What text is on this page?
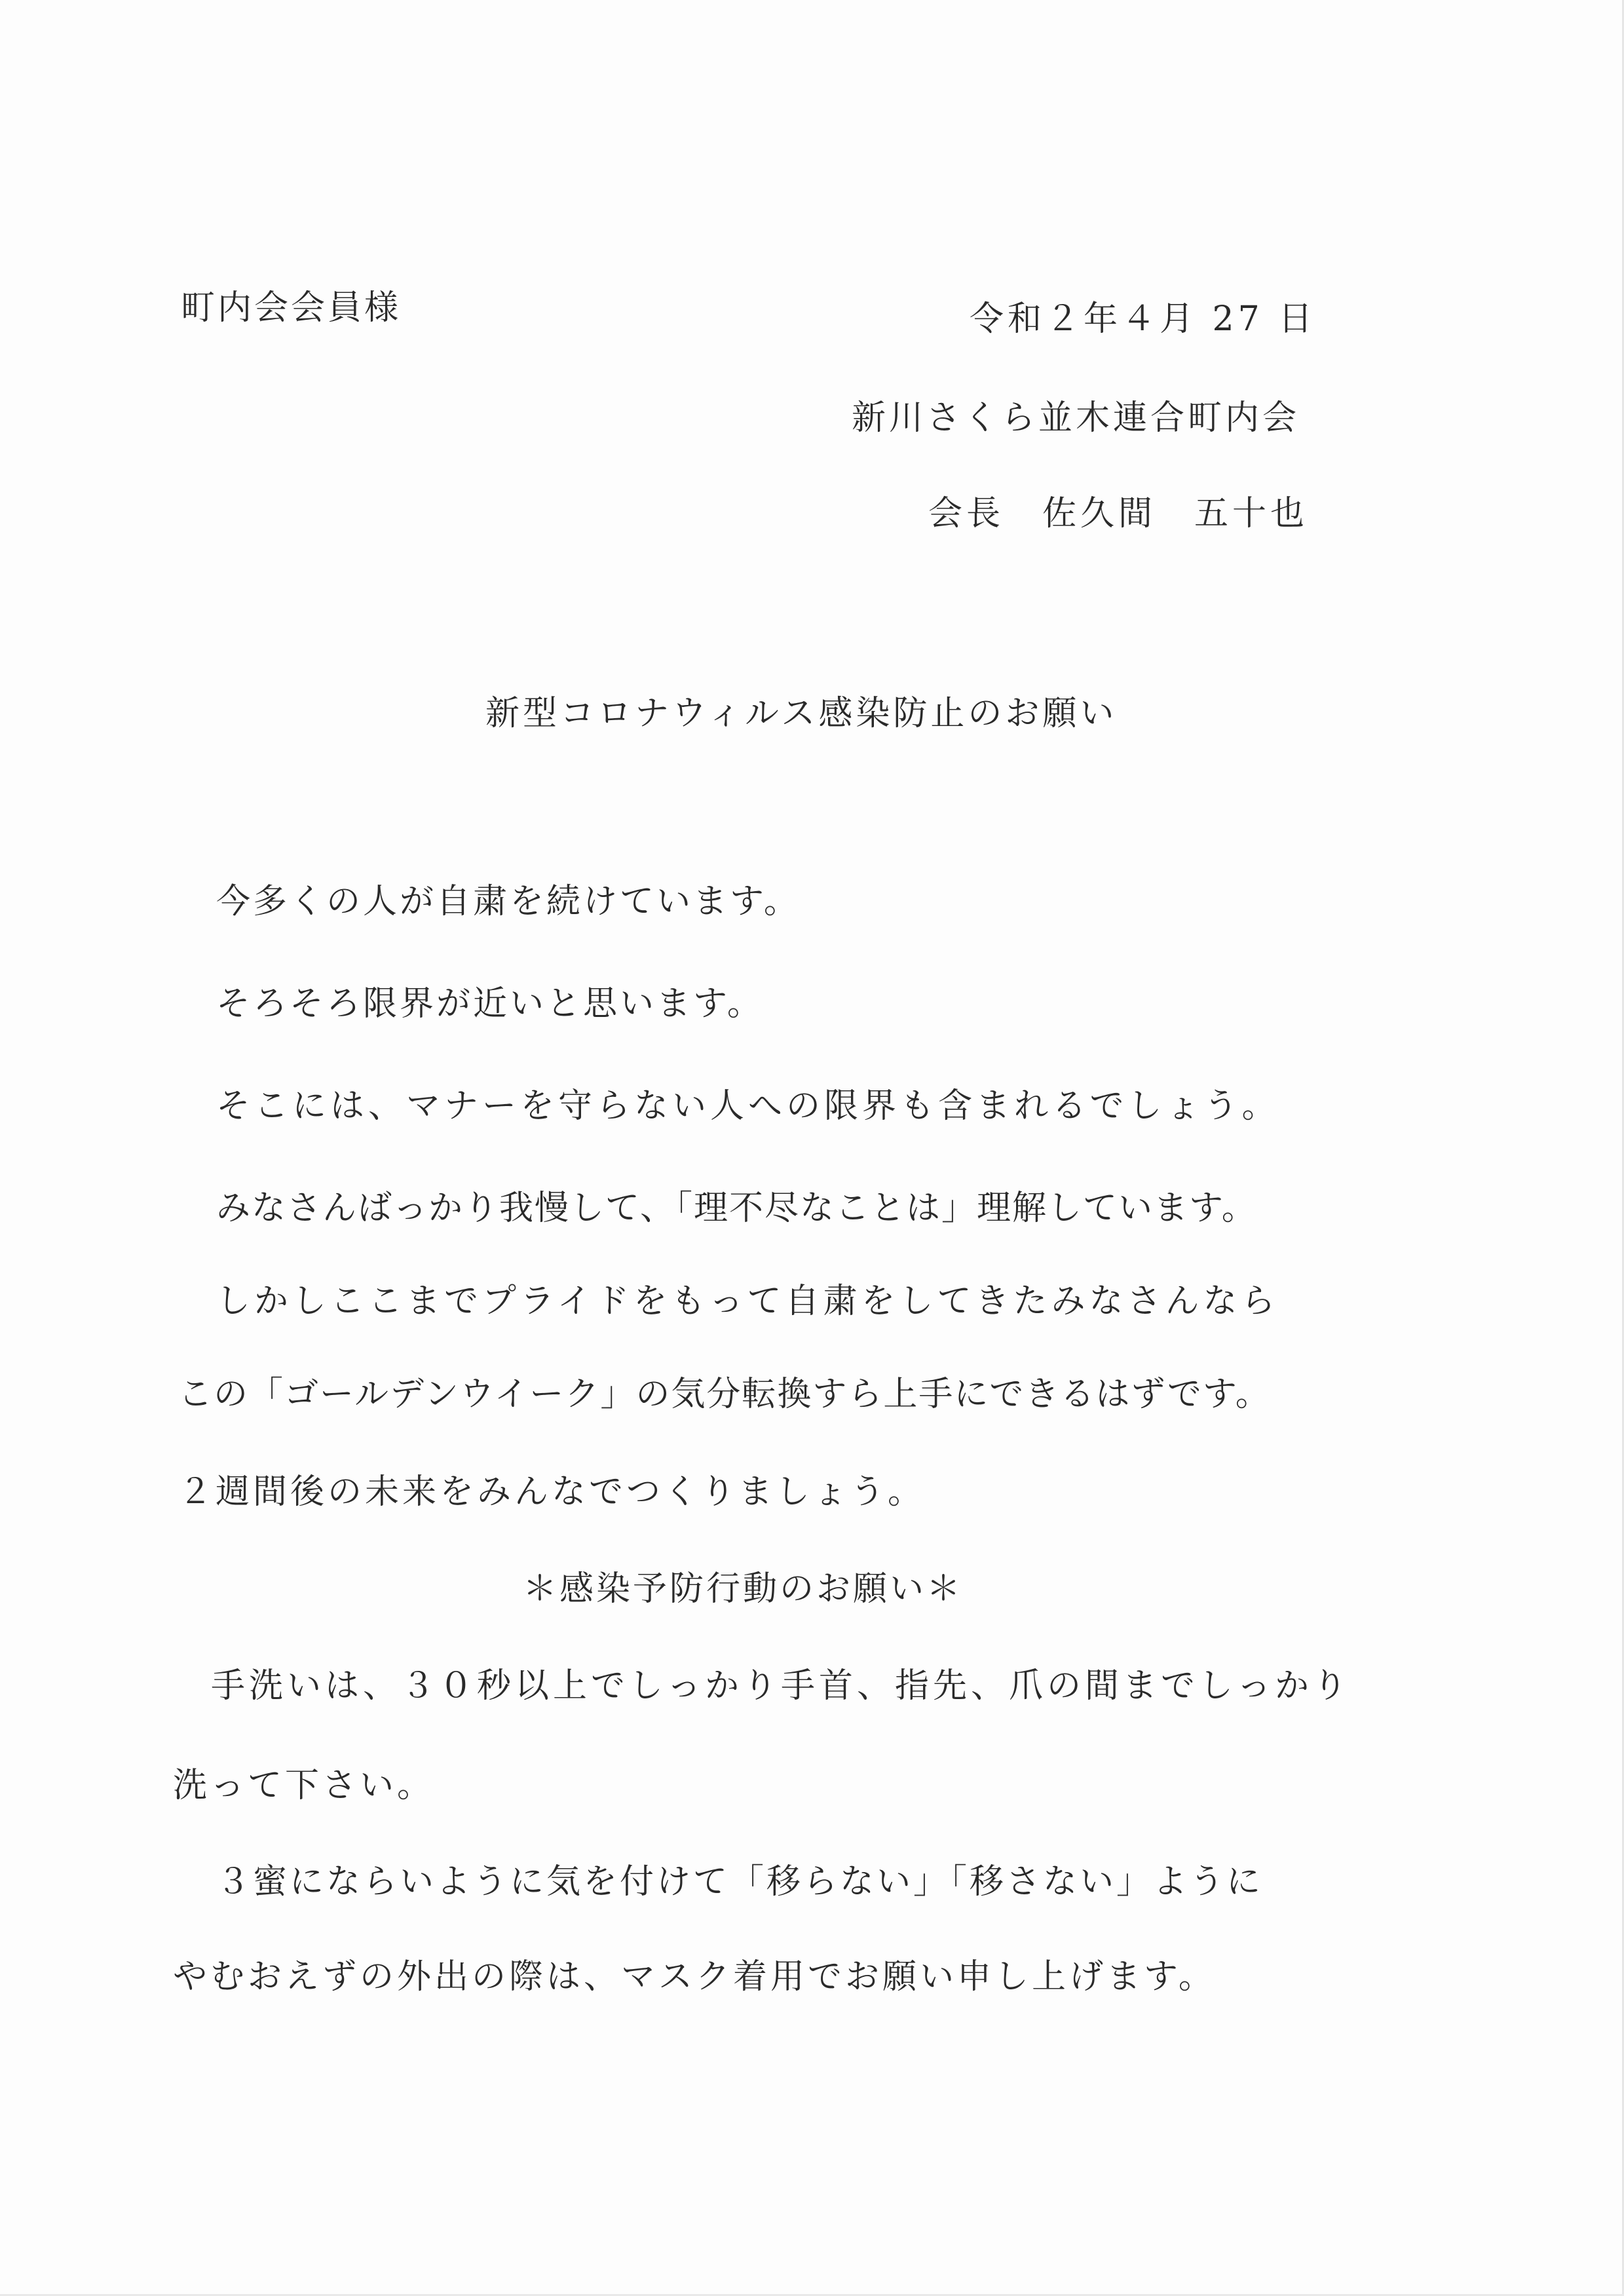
町内会会員様	令和２年４月 27 日
新川さくら並木連合町内会
会長　佐久間　五十也
新型コロナウィルス感染防止のお願い
今多くの人が自粛を続けています。
そろそろ限界が近いと思います。
そこには、マナーを守らない人への限界も含まれるでしょう。
みなさんばっかり我慢して、「理不尽なことは」理解しています。
しかしここまでプライドをもって自粛をしてきたみなさんなら
この「ゴールデンウイーク」の気分転換すら上手にできるはずです。
２週間後の未来をみんなでつくりましょう。
＊感染予防行動のお願い＊
手洗いは、３０秒以上でしっかり手首、指先、爪の間までしっかり
洗って下さい。
３蜜にならいように気を付けて「移らない」「移さない」ように
やむおえずの外出の際は、マスク着用でお願い申し上げます。
